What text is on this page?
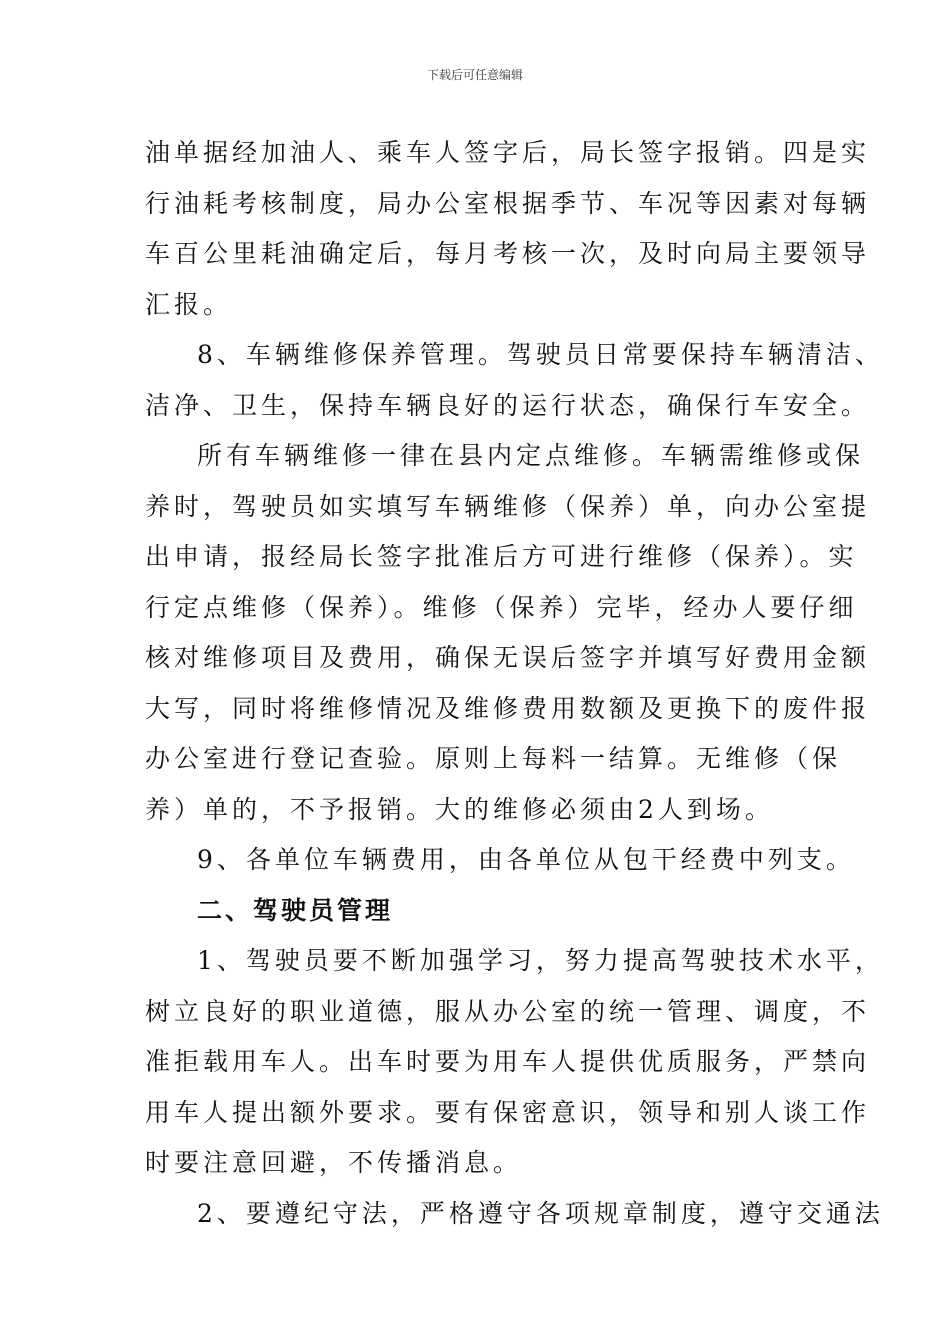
下载后可任意编辑
油单据经加油人、乘车人签字后，局长签字报销。四是实
行油耗考核制度，局办公室根据季节、车况等因素对每辆
车百公里耗油确定后，每月考核一次，及时向局主要领导
汇报。
8、车辆维修保养管理。驾驶员日常要保持车辆清洁、
洁净、卫生，保持车辆良好的运行状态，确保行车安全。
所有车辆维修一律在县内定点维修。车辆需维修或保
养时，驾驶员如实填写车辆维修（保养）单，向办公室提
出申请，报经局长签字批准后方可进行维修（保养）。实
行定点维修（保养）。维修（保养）完毕，经办人要仔细
核对维修项目及费用，确保无误后签字并填写好费用金额
大写，同时将维修情况及维修费用数额及更换下的废件报
办公室进行登记查验。原则上每料一结算。无维修（保
养）单的，不予报销。大的维修必须由2人到场。
9、各单位车辆费用，由各单位从包干经费中列支。
二、驾驶员管理
1、驾驶员要不断加强学习，努力提高驾驶技术水平，
树立良好的职业道德，服从办公室的统一管理、调度，不
准拒载用车人。出车时要为用车人提供优质服务，严禁向
用车人提出额外要求。要有保密意识，领导和别人谈工作
时要注意回避，不传播消息。
2、要遵纪守法，严格遵守各项规章制度，遵守交通法
